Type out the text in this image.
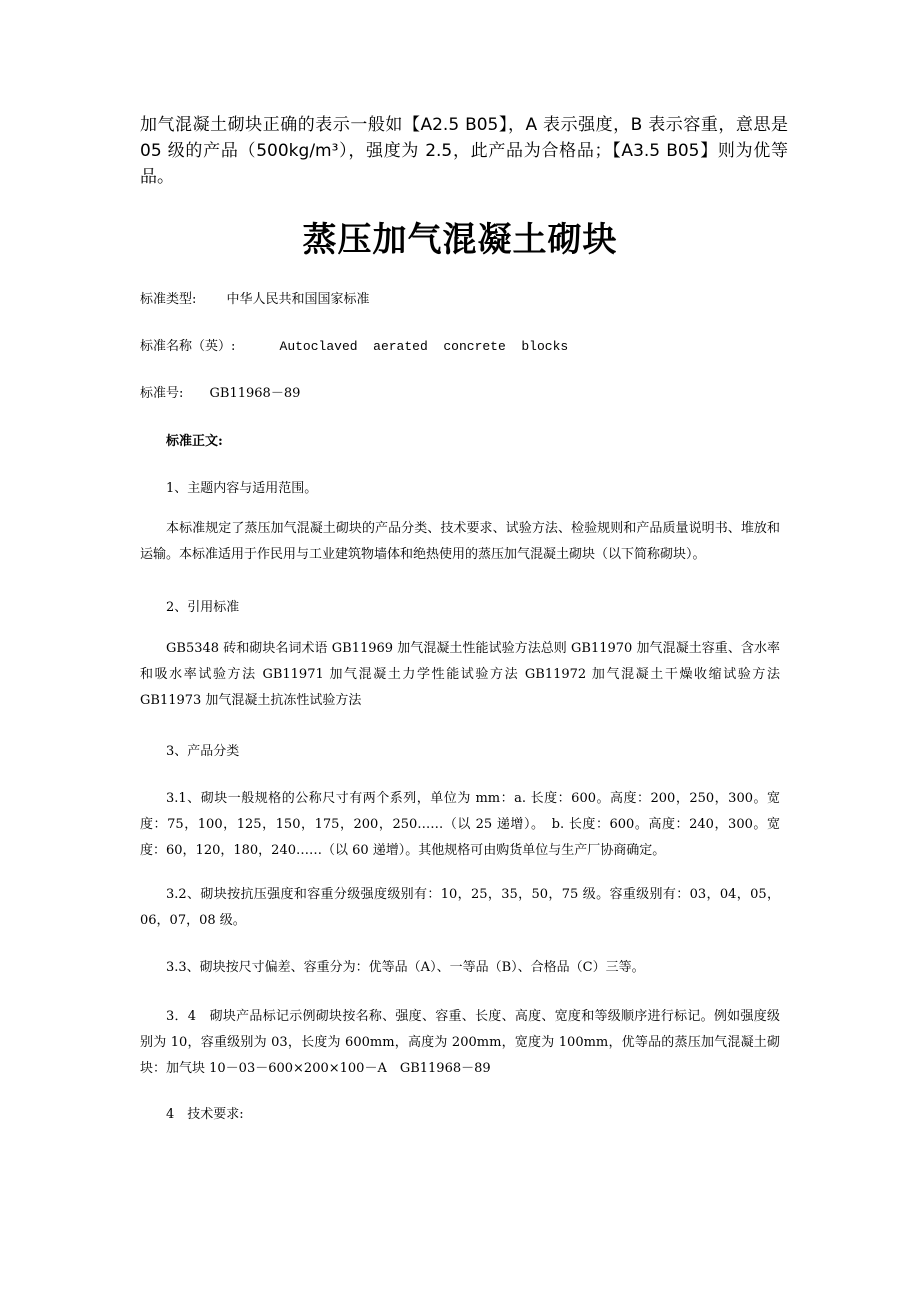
加气混凝土砌块正确的表示一般如【A2.5 B05】，A 表示强度，B 表示容重，意思是 05 级的产品（500kg/m³），强度为 2.5，此产品为合格品；【A3.5 B05】则为优等品。

蒸压加气混凝土砌块
标准类型: 中华人民共和国国家标准
标准名称（英）:	Autoclaved  aerated  concrete  blocks
标准号: GB11968－89
标准正文:
1、主题内容与适用范围。

本标准规定了蒸压加气混凝土砌块的产品分类、技术要求、试验方法、检验规则和产品质量说明书、堆放和运输。本标准适用于作民用与工业建筑物墙体和绝热使用的蒸压加气混凝土砌块（以下简称砌块）。

2、引用标准

GB5348 砖和砌块名词术语 GB11969 加气混凝土性能试验方法总则 GB11970 加气混凝土容重、含水率和吸水率试验方法 GB11971 加气混凝土力学性能试验方法 GB11972 加气混凝土干燥收缩试验方法 GB11973 加气混凝土抗冻性试验方法

3、产品分类

3.1、砌块一般规格的公称尺寸有两个系列，单位为 mm：a. 长度：600。高度：200，250，300。宽度：75，100，125，150，175，200，250……（以 25 递增）。　b. 长度：600。高度：240，300。宽度：60，120，180，240……（以 60 递增）。其他规格可由购货单位与生产厂协商确定。

3.2、砌块按抗压强度和容重分级强度级别有：10，25，35，50，75 级。容重级别有：03，04，05，06，07，08 级。

3.3、砌块按尺寸偏差、容重分为：优等品（A）、一等品（B）、合格品（C）三等。

3．4　砌块产品标记示例砌块按名称、强度、容重、长度、高度、宽度和等级顺序进行标记。例如强度级别为 10，容重级别为 03，长度为 600mm，高度为 200mm，宽度为 100mm，优等品的蒸压加气混凝土砌块：加气块 10－03－600×200×100－A　GB11968－89

4　技术要求:
